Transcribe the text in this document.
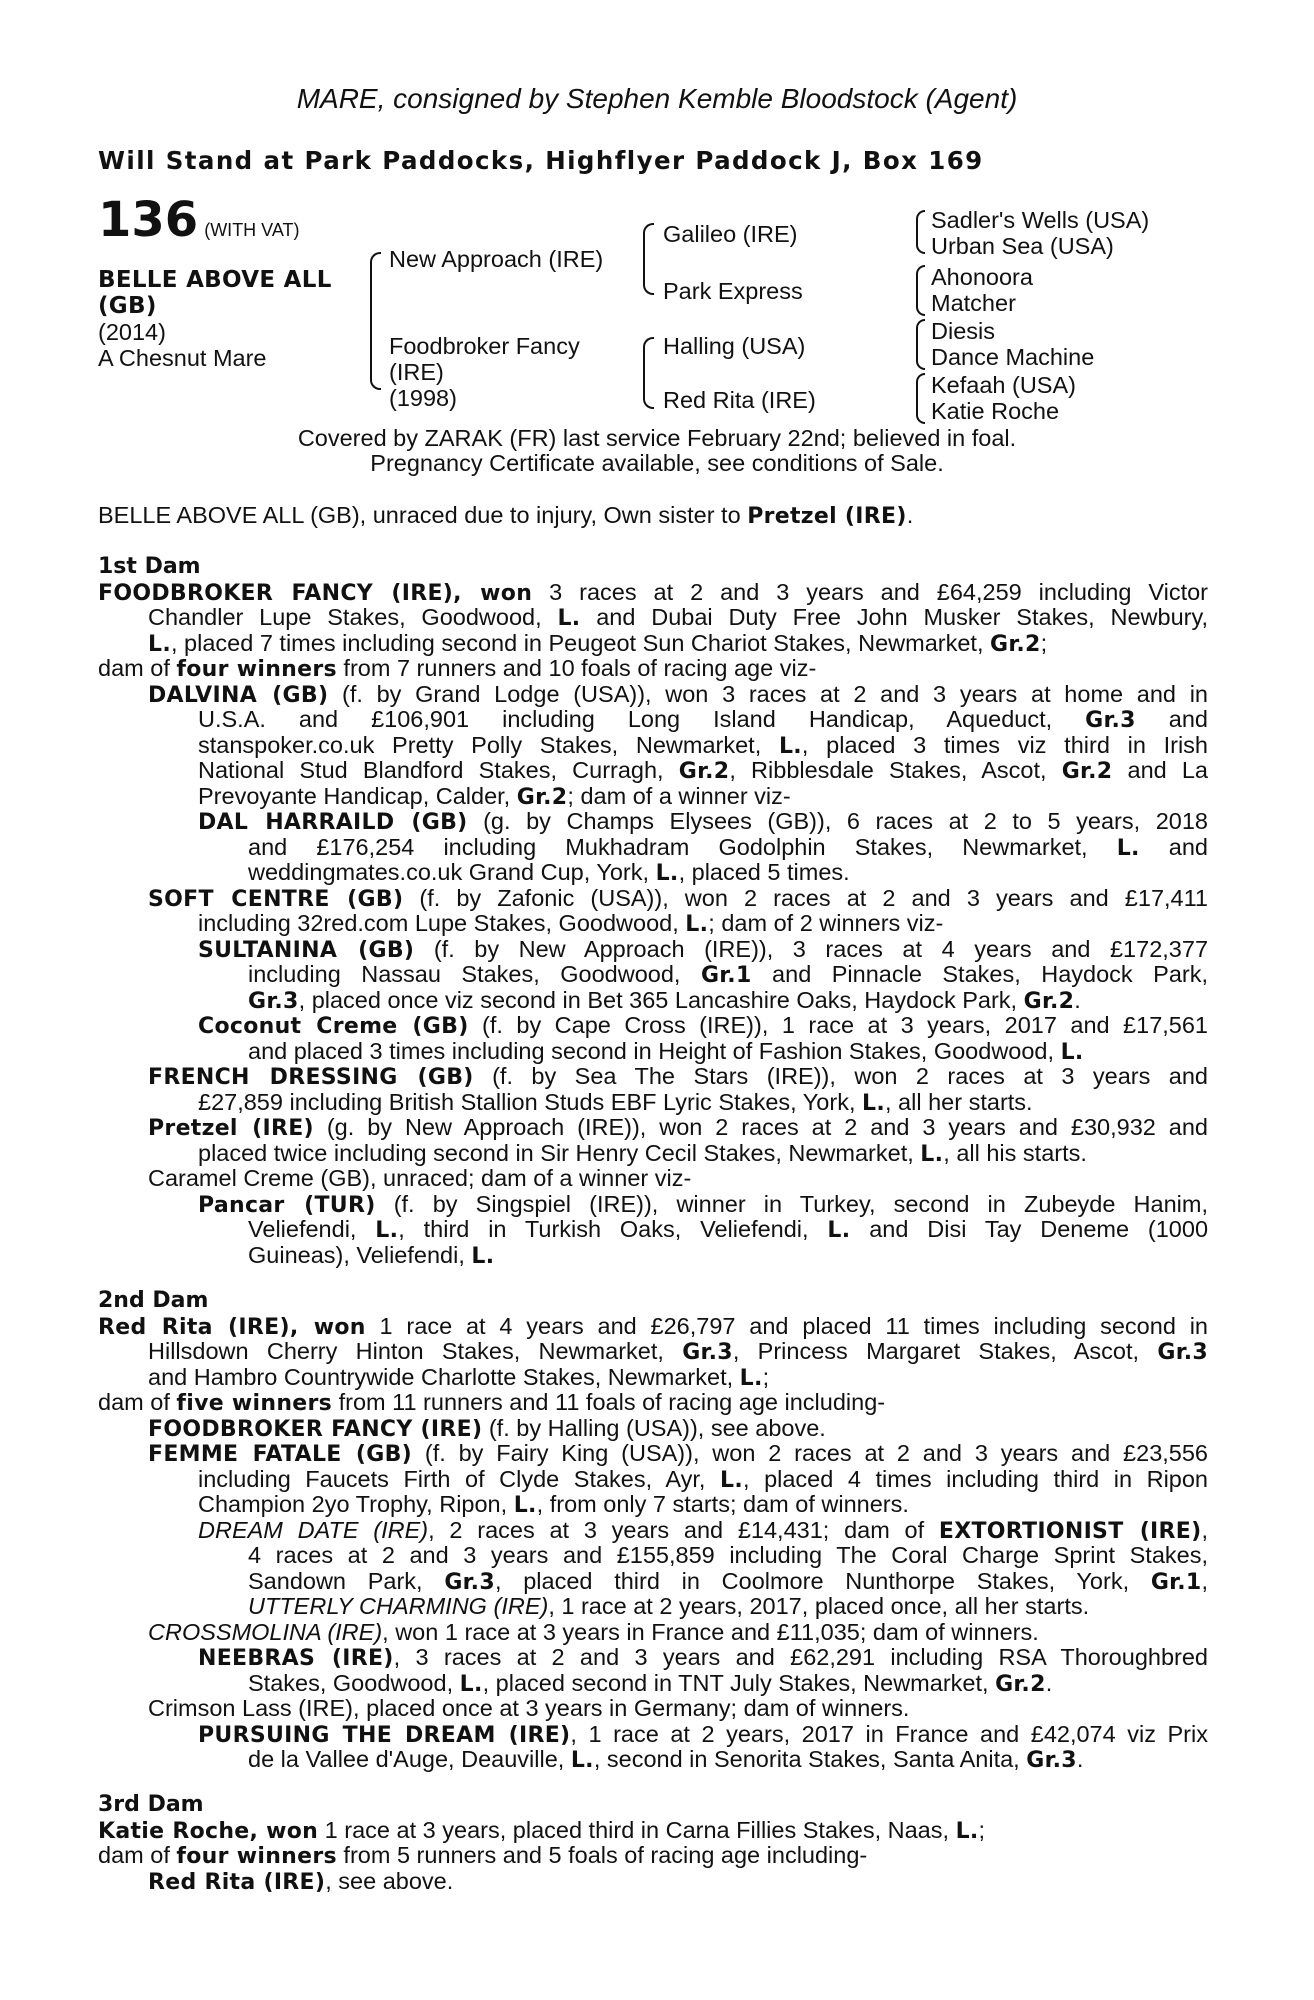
MARE, consigned by Stephen Kemble Bloodstock (Agent)
Will Stand at Park Paddocks, Highflyer Paddock J, Box 169
136 (WITH VAT)
BELLE ABOVE ALL
(GB)
(2014)
A Chesnut Mare
New Approach (IRE)
Foodbroker Fancy
(IRE)
(1998)
Galileo (IRE)
Park Express
Halling (USA)
Red Rita (IRE)
Sadler's Wells (USA)
Urban Sea (USA)
Ahonoora
Matcher
Diesis
Dance Machine
Kefaah (USA)
Katie Roche
Covered by ZARAK (FR) last service February 22nd; believed in foal.
Pregnancy Certificate available, see conditions of Sale.
BELLE ABOVE ALL (GB), unraced due to injury, Own sister to Pretzel (IRE).
1st Dam
FOODBROKER FANCY (IRE), won 3 races at 2 and 3 years and £64,259 including Victor
Chandler Lupe Stakes, Goodwood, L. and Dubai Duty Free John Musker Stakes, Newbury,
L., placed 7 times including second in Peugeot Sun Chariot Stakes, Newmarket, Gr.2;
dam of four winners from 7 runners and 10 foals of racing age viz-
DALVINA (GB) (f. by Grand Lodge (USA)), won 3 races at 2 and 3 years at home and in
U.S.A. and £106,901 including Long Island Handicap, Aqueduct, Gr.3 and
stanspoker.co.uk Pretty Polly Stakes, Newmarket, L., placed 3 times viz third in Irish
National Stud Blandford Stakes, Curragh, Gr.2, Ribblesdale Stakes, Ascot, Gr.2 and La
Prevoyante Handicap, Calder, Gr.2; dam of a winner viz-
DAL HARRAILD (GB) (g. by Champs Elysees (GB)), 6 races at 2 to 5 years, 2018
and £176,254 including Mukhadram Godolphin Stakes, Newmarket, L. and
weddingmates.co.uk Grand Cup, York, L., placed 5 times.
SOFT CENTRE (GB) (f. by Zafonic (USA)), won 2 races at 2 and 3 years and £17,411
including 32red.com Lupe Stakes, Goodwood, L.; dam of 2 winners viz-
SULTANINA (GB) (f. by New Approach (IRE)), 3 races at 4 years and £172,377
including Nassau Stakes, Goodwood, Gr.1 and Pinnacle Stakes, Haydock Park,
Gr.3, placed once viz second in Bet 365 Lancashire Oaks, Haydock Park, Gr.2.
Coconut Creme (GB) (f. by Cape Cross (IRE)), 1 race at 3 years, 2017 and £17,561
and placed 3 times including second in Height of Fashion Stakes, Goodwood, L.
FRENCH DRESSING (GB) (f. by Sea The Stars (IRE)), won 2 races at 3 years and
£27,859 including British Stallion Studs EBF Lyric Stakes, York, L., all her starts.
Pretzel (IRE) (g. by New Approach (IRE)), won 2 races at 2 and 3 years and £30,932 and
placed twice including second in Sir Henry Cecil Stakes, Newmarket, L., all his starts.
Caramel Creme (GB), unraced; dam of a winner viz-
Pancar (TUR) (f. by Singspiel (IRE)), winner in Turkey, second in Zubeyde Hanim,
Veliefendi, L., third in Turkish Oaks, Veliefendi, L. and Disi Tay Deneme (1000
Guineas), Veliefendi, L.
2nd Dam
Red Rita (IRE), won 1 race at 4 years and £26,797 and placed 11 times including second in
Hillsdown Cherry Hinton Stakes, Newmarket, Gr.3, Princess Margaret Stakes, Ascot, Gr.3
and Hambro Countrywide Charlotte Stakes, Newmarket, L.;
dam of five winners from 11 runners and 11 foals of racing age including-
FOODBROKER FANCY (IRE) (f. by Halling (USA)), see above.
FEMME FATALE (GB) (f. by Fairy King (USA)), won 2 races at 2 and 3 years and £23,556
including Faucets Firth of Clyde Stakes, Ayr, L., placed 4 times including third in Ripon
Champion 2yo Trophy, Ripon, L., from only 7 starts; dam of winners.
DREAM DATE (IRE), 2 races at 3 years and £14,431; dam of EXTORTIONIST (IRE),
4 races at 2 and 3 years and £155,859 including The Coral Charge Sprint Stakes,
Sandown Park, Gr.3, placed third in Coolmore Nunthorpe Stakes, York, Gr.1,
UTTERLY CHARMING (IRE), 1 race at 2 years, 2017, placed once, all her starts.
CROSSMOLINA (IRE), won 1 race at 3 years in France and £11,035; dam of winners.
NEEBRAS (IRE), 3 races at 2 and 3 years and £62,291 including RSA Thoroughbred
Stakes, Goodwood, L., placed second in TNT July Stakes, Newmarket, Gr.2.
Crimson Lass (IRE), placed once at 3 years in Germany; dam of winners.
PURSUING THE DREAM (IRE), 1 race at 2 years, 2017 in France and £42,074 viz Prix
de la Vallee d'Auge, Deauville, L., second in Senorita Stakes, Santa Anita, Gr.3.
3rd Dam
Katie Roche, won 1 race at 3 years, placed third in Carna Fillies Stakes, Naas, L.;
dam of four winners from 5 runners and 5 foals of racing age including-
Red Rita (IRE), see above.
